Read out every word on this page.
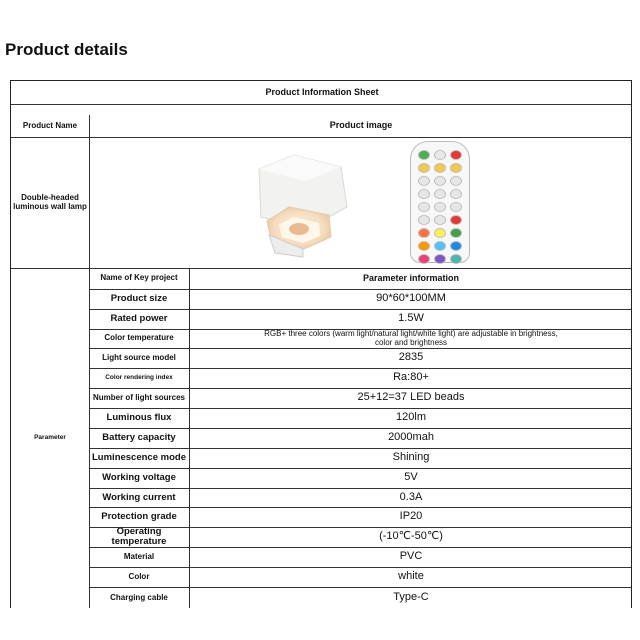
Product details
Product Information Sheet
Product Name	Product image
Double-headed luminous wall lamp
Parameter
Name of Key project	Parameter information
Product size	90*60*100MM
Rated power	1.5W
Color temperature	RGB+ three colors (warm light/natural light/white light) are adjustable in brightness, color and brightness
Light source model	2835
Color rendering index	Ra:80+
Number of light sources	25+12=37 LED beads
Luminous flux	120lm
Battery capacity	2000mah
Luminescence mode	Shining
Working voltage	5V
Working current	0.3A
Protection grade	IP20
Operating temperature	(-10℃-50℃)
Material	PVC
Color	white
Charging cable	Type-C
